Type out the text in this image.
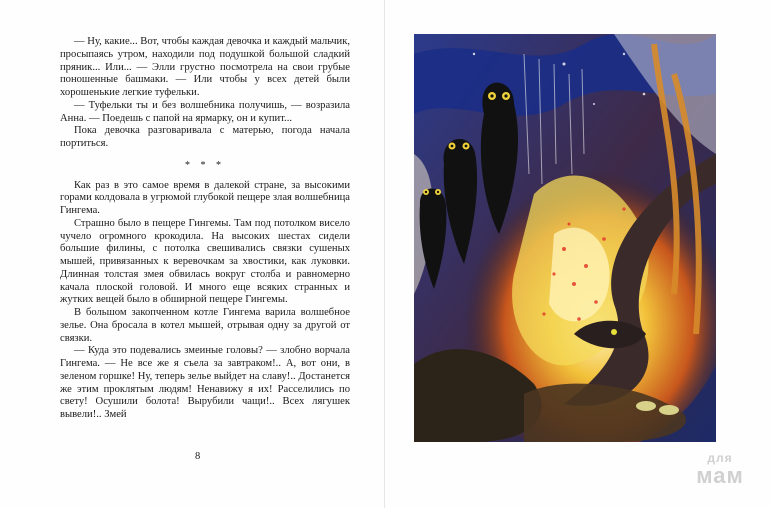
— Ну, какие... Вот, чтобы каждая девочка и каждый мальчик, просыпаясь утром, находили под подушкой большой сладкий пряник... Или... — Элли грустно посмотрела на свои грубые поношенные башмаки. — Или чтобы у всех детей были хорошенькие легкие туфельки.

— Туфельки ты и без волшебника получишь, — возразила Анна. — Поедешь с папой на ярмарку, он и купит...

Пока девочка разговаривала с матерью, погода начала портиться.

* * *

Как раз в это самое время в далекой стране, за высокими горами колдовала в угрюмой глубокой пещере злая волшебница Гингема.

Страшно было в пещере Гингемы. Там под потолком висело чучело огромного крокодила. На высоких шестах сидели большие филины, с потолка свешивались связки сушеных мышей, привязанных к веревочкам за хвостики, как луковки. Длинная толстая змея обвилась вокруг столба и равномерно качала плоской головой. И много еще всяких странных и жутких вещей было в обширной пещере Гингемы.

В большом закопченном котле Гингема варила волшебное зелье. Она бросала в котел мышей, отрывая одну за другой от связки.

— Куда это подевались змеиные головы? — злобно ворчала Гингема. — Не все же я съела за завтраком!.. А, вот они, в зеленом горшке! Ну, теперь зелье выйдет на славу!.. Достанется же этим проклятым людям! Ненавижу я их! Расселились по свету! Осушили болота! Вырубили чащи!.. Всех лягушек вывели!.. Змей

8	для
мам
